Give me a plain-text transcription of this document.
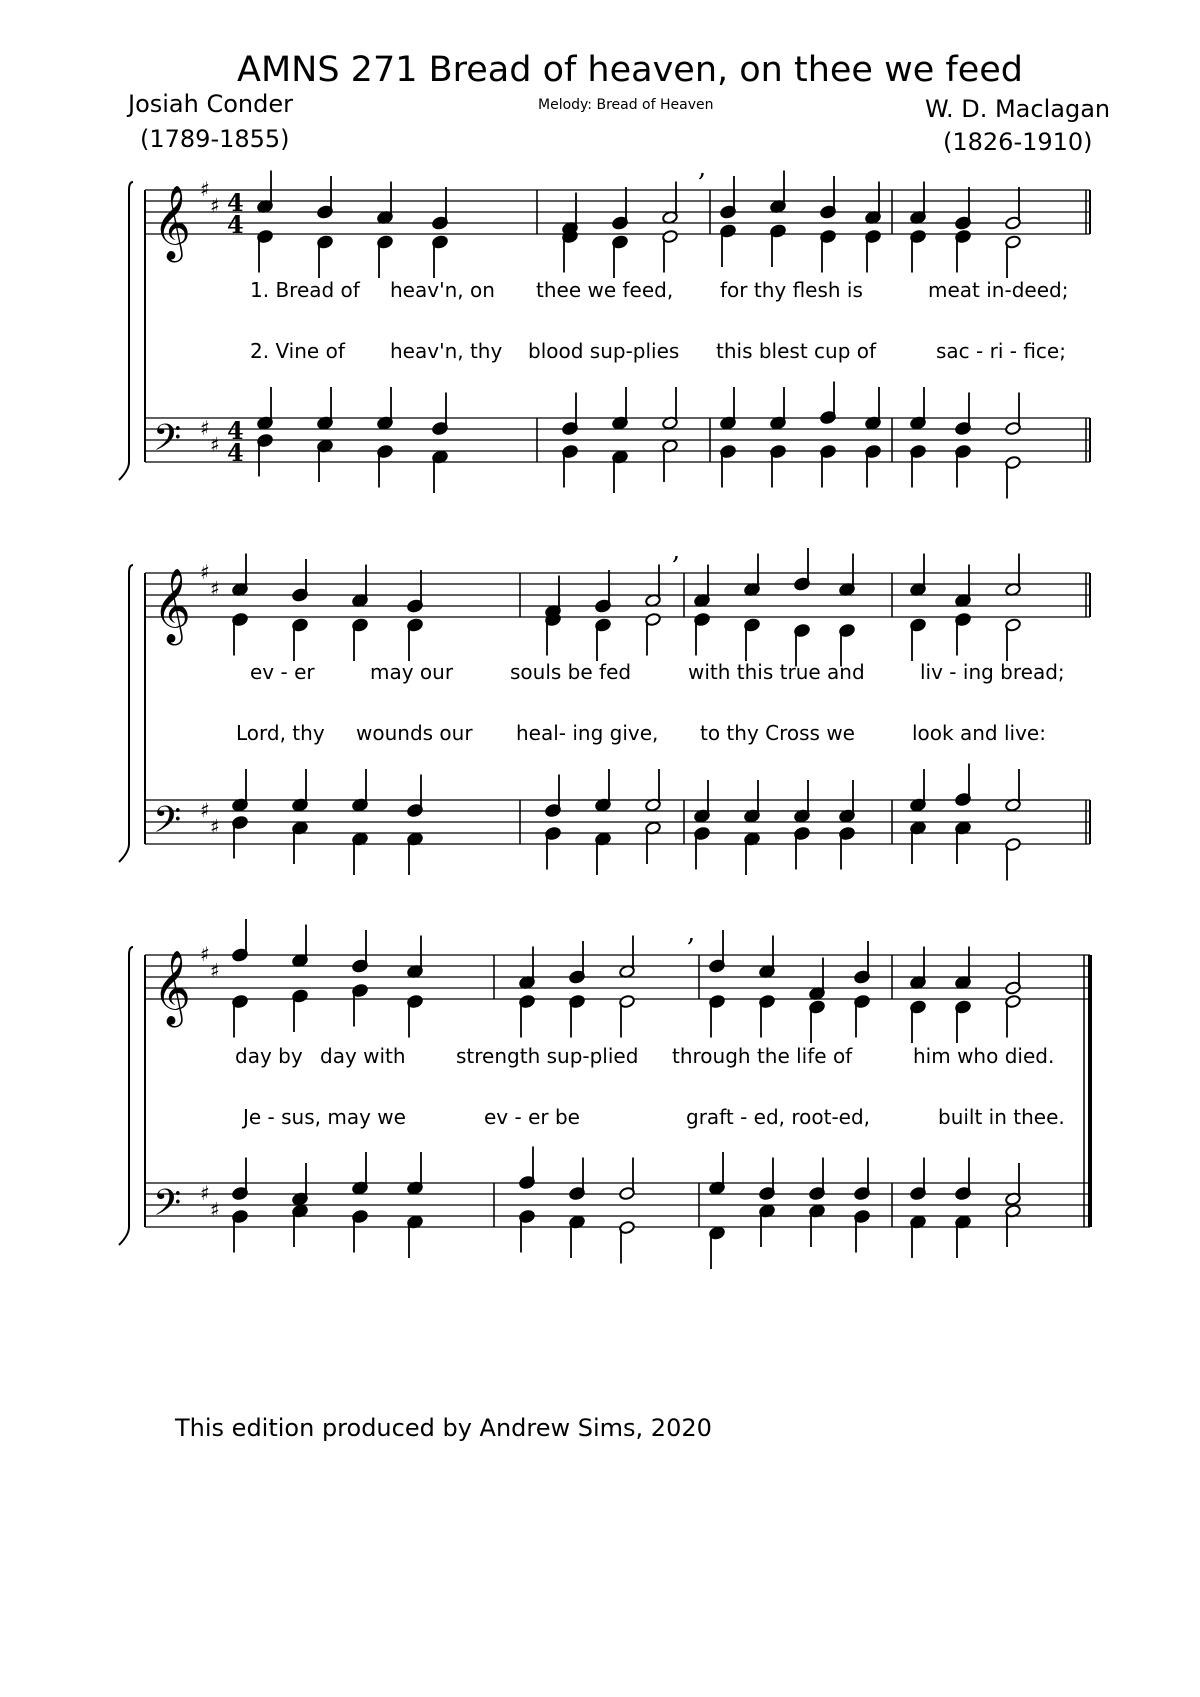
AMNS 271 Bread of heaven, on thee we feed
Josiah Conder
(1789-1855)
Melody: Bread of Heaven	W. D. Maclagan
(1826-1910)
𝄞
𝄢
♯
♯
♯
♯
4
4
4
4
,
𝄞
𝄢
♯
♯
♯
♯
,
𝄞
𝄢
♯
♯
♯
♯
,
1. Bread of heav'n, on thee we feed, for thy flesh is	meat in-deed;
2. Vine of heav'n, thy blood sup-plies this blest cup of	sac - ri - fice;
ev - er	may our	souls be fed	with this true and	liv - ing bread;
Lord, thy wounds our heal- ing give, to thy Cross we	look and live:
day by day with	strength sup-plied through the life of	him who died.
Je - sus, may we	ev - er be	graft - ed, root-ed,	built in thee.
This edition produced by Andrew Sims, 2020
